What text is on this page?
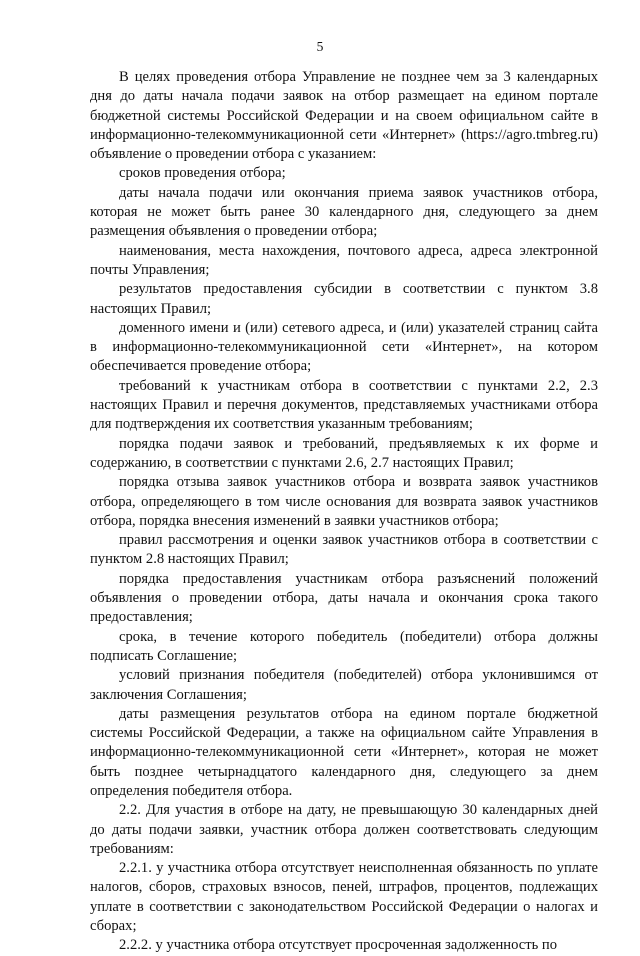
5

В целях проведения отбора Управление не позднее чем за 3 календарных дня до даты начала подачи заявок на отбор размещает на едином портале бюджетной системы Российской Федерации и на своем официальном сайте в информационно-телекоммуникационной сети «Интернет» (https://agro.tmbreg.ru) объявление о проведении отбора с указанием:

сроков проведения отбора;

даты начала подачи или окончания приема заявок участников отбора, которая не может быть ранее 30 календарного дня, следующего за днем размещения объявления о проведении отбора;

наименования, места нахождения, почтового адреса, адреса электронной почты Управления;

результатов предоставления субсидии в соответствии с пунктом 3.8 настоящих Правил;

доменного имени и (или) сетевого адреса, и (или) указателей страниц сайта в информационно-телекоммуникационной сети «Интернет», на котором обеспечивается проведение отбора;

требований к участникам отбора в соответствии с пунктами 2.2, 2.3 настоящих Правил и перечня документов, представляемых участниками отбора для подтверждения их соответствия указанным требованиям;

порядка подачи заявок и требований, предъявляемых к их форме и содержанию, в соответствии с пунктами 2.6, 2.7 настоящих Правил;

порядка отзыва заявок участников отбора и возврата заявок участников отбора, определяющего в том числе основания для возврата заявок участников отбора, порядка внесения изменений в заявки участников отбора;

правил рассмотрения и оценки заявок участников отбора в соответствии с пунктом 2.8 настоящих Правил;

порядка предоставления участникам отбора разъяснений положений объявления о проведении отбора, даты начала и окончания срока такого предоставления;

срока, в течение которого победитель (победители) отбора должны подписать Соглашение;

условий признания победителя (победителей) отбора уклонившимся от заключения Соглашения;

даты размещения результатов отбора на едином портале бюджетной системы Российской Федерации, а также на официальном сайте Управления в информационно-телекоммуникационной сети «Интернет», которая не может быть позднее четырнадцатого календарного дня, следующего за днем определения победителя отбора.

2.2. Для участия в отборе на дату, не превышающую 30 календарных дней до даты подачи заявки, участник отбора должен соответствовать следующим требованиям:

2.2.1. у участника отбора отсутствует неисполненная обязанность по уплате налогов, сборов, страховых взносов, пеней, штрафов, процентов, подлежащих уплате в соответствии с законодательством Российской Федерации о налогах и сборах;

2.2.2. у участника отбора отсутствует просроченная задолженность по
